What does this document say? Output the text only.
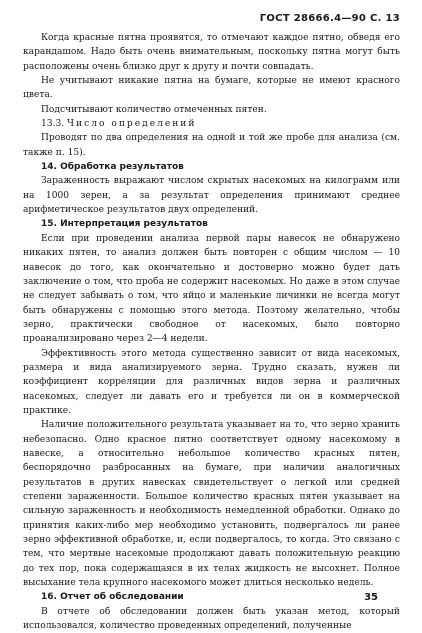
ГОСТ 28666.4—90 С. 13

Когда красные пятна проявятся, то отмечают каждое пятно, обведя его карандашом. Надо быть очень внимательным, поскольку пятна могут быть расположены очень близко друг к другу и почти совпадать.

Не учитывают никакие пятна на бумаге, которые не имеют красного цвета.

Подсчитывают количество отмеченных пятен.

13.3. Число определений

Проводят по два определения на одной и той же пробе для анализа (см. также п. 15).

14. Обработка результатов

Зараженность выражают числом скрытых насекомых на килограмм или на 1000 зерен, а за результат определения принимают среднее арифметическое результатов двух определений.

15. Интерпретация результатов

Если при проведении анализа первой пары навесок не обнаружено никаких пятен, то анализ должен быть повторен с общим числом — 10 навесок до того, как окончательно и достоверно можно будет дать заключение о том, что проба не содержит насекомых. Но даже в этом случае не следует забывать о том, что яйцо и маленькие личинки не всегда могут быть обнаружены с помощью этого метода. Поэтому желательно, чтобы зерно, практически свободное от насекомых, было повторно проанализировано через 2—4 недели.

Эффективность этого метода существенно зависит от вида насекомых, размера и вида анализируемого зерна. Трудно сказать, нужен ли коэффициент корреляции для различных видов зерна и различных насекомых, следует ли давать его и требуется ли он в коммерческой практике.

Наличие положительного результата указывает на то, что зерно хранить небезопасно. Одно красное пятно соответствует одному насекомому в навеске, а относительно небольшое количество красных пятен, беспорядочно разбросанных на бумаге, при наличии аналогичных результатов в других навесках свидетельствует о легкой или средней степени зараженности. Большое количество красных пятен указывает на сильную зараженность и необходимость немедленной обработки. Однако до принятия каких-либо мер необходимо установить, подвергалось ли ранее зерно эффективной обработке, и, если подвергалось, то когда. Это связано с тем, что мертвые насекомые продолжают давать положительную реакцию до тех пор, пока содержащаяся в их телах жидкость не высохнет. Полное высыхание тела крупного насекомого может длиться несколько недель.

16. Отчет об обследовании

В отчете об обследовании должен быть указан метод, который использовался, количество проведенных определений, полученные

35
